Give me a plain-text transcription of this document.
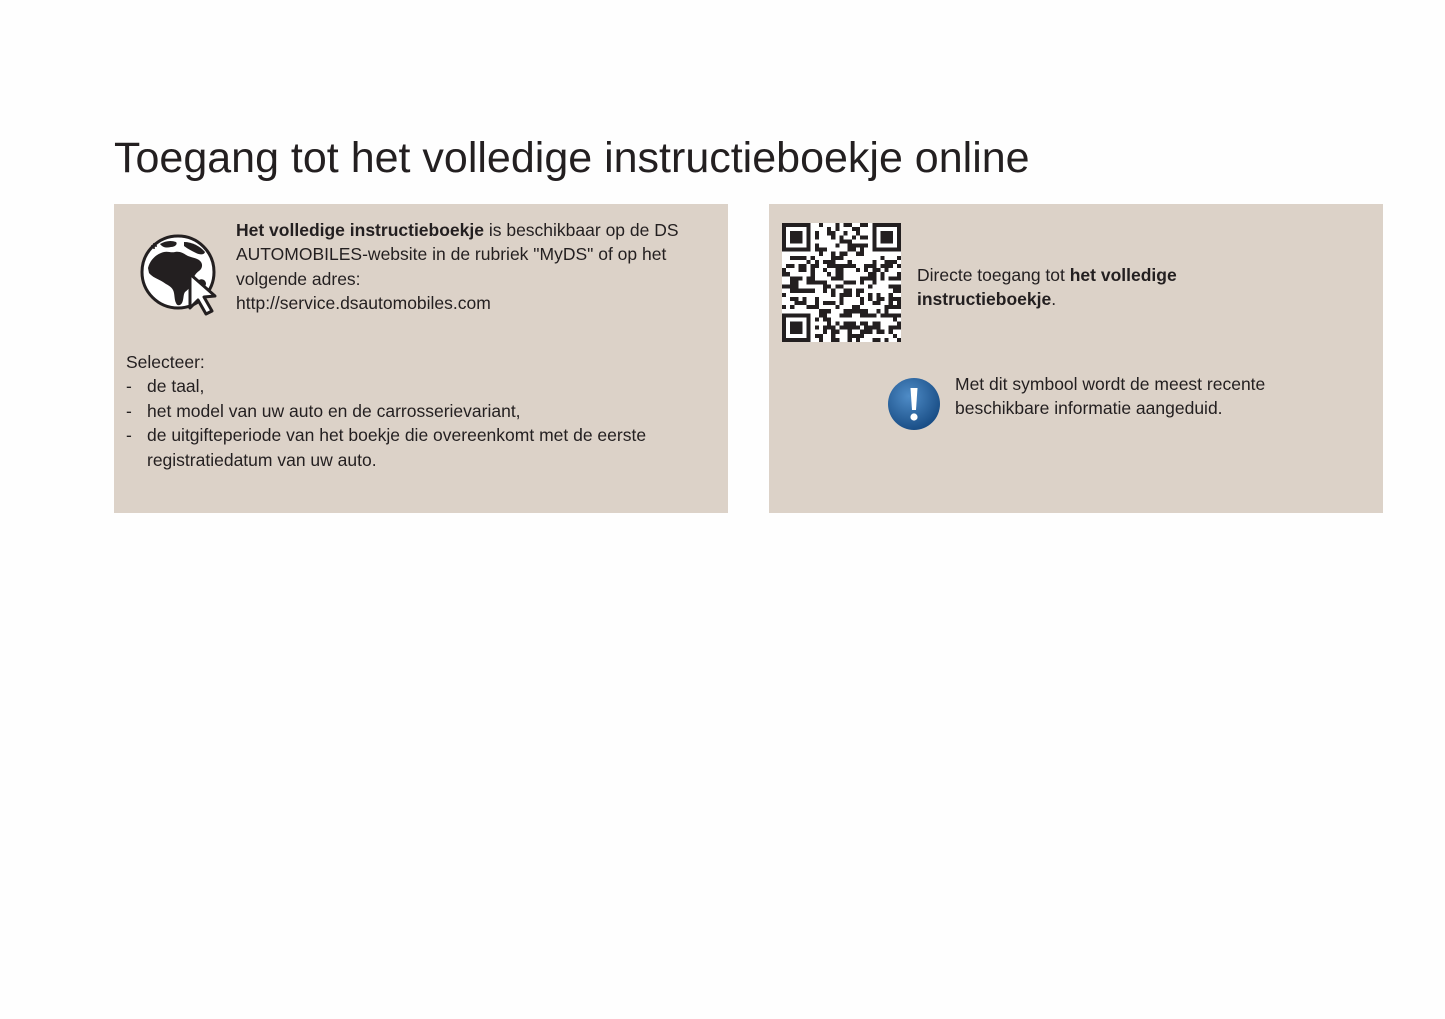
Toegang tot het volledige instructieboekje online

Het volledige instructieboekje is beschikbaar op de DS AUTOMOBILES-website in de rubriek "MyDS" of op het volgende adres:
http://service.dsautomobiles.com

Selecteer:
- de taal,
- het model van uw auto en de carrosserievariant,
- de uitgifteperiode van het boekje die overeenkomt met de eerste registratiedatum van uw auto.

Directe toegang tot het volledige instructieboekje.

Met dit symbool wordt de meest recente beschikbare informatie aangeduid.
